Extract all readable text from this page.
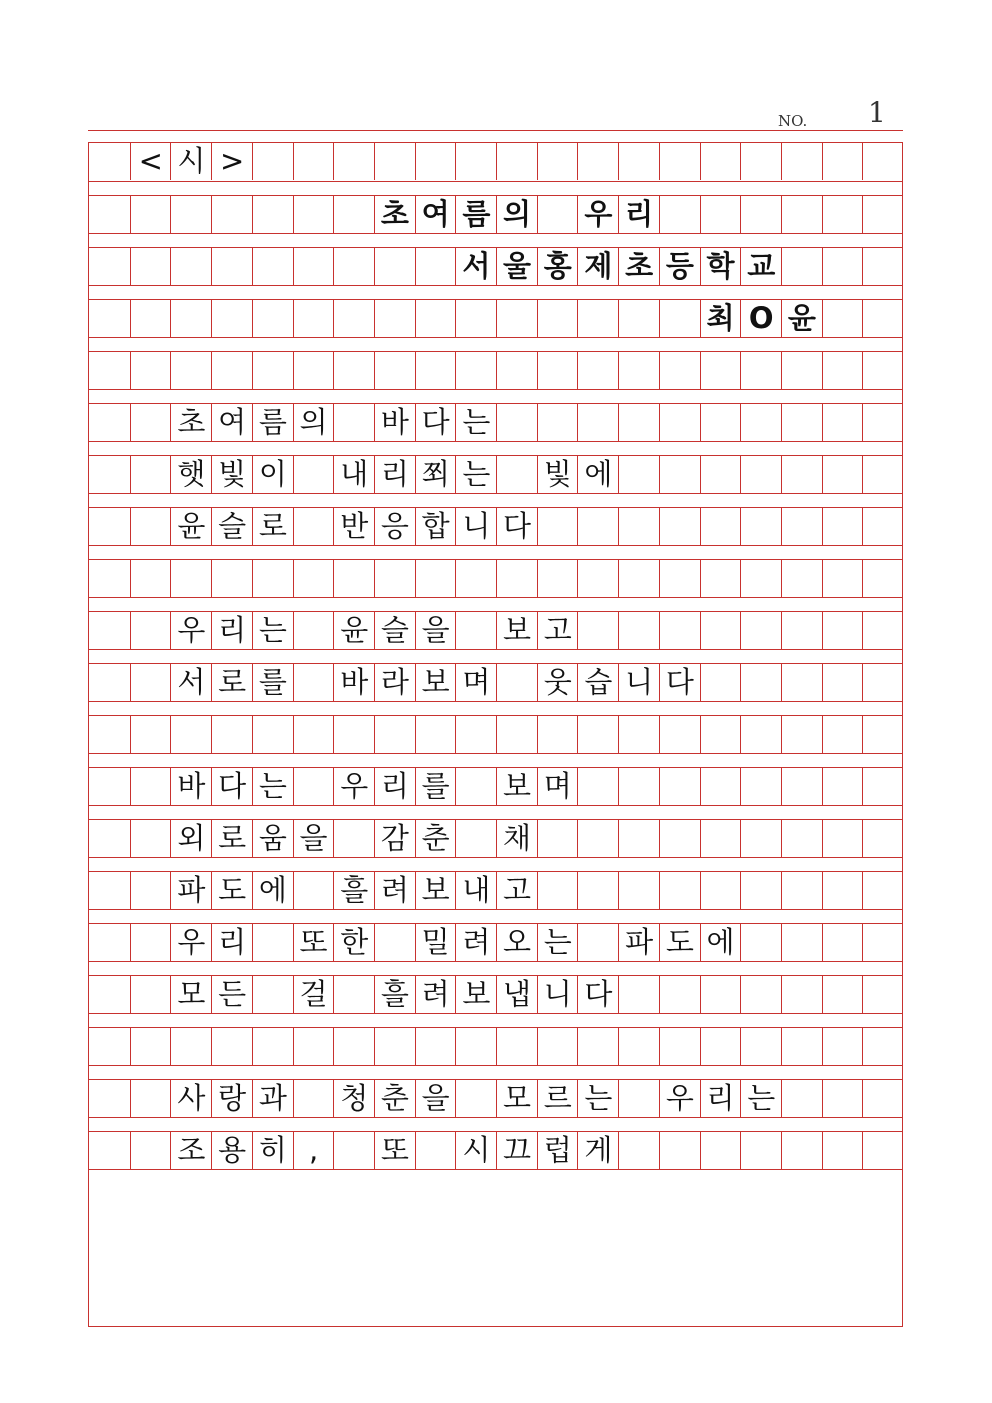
NO. 1
< 시 >
초 여 름 의 우 리
서 울 홍 제 초 등 학 교
최 O 윤
초 여 름 의 바 다 는
햇 빛 이 내 리 쬐 는 빛 에
윤 슬 로 반 응 합 니 다
우 리 는 윤 슬 을 보 고
서 로 를 바 라 보 며 웃 습 니 다
바 다 는 우 리 를 보 며
외 로 움 을 감 춘 채
파 도 에 흘 려 보 내 고
우 리 또 한 밀 려 오 는 파 도 에
모 든 걸 흘 려 보 냅 니 다
사 랑 과 청 춘 을 모 르 는 우 리 는
조 용 히 ,	또 시 끄 럽 게
